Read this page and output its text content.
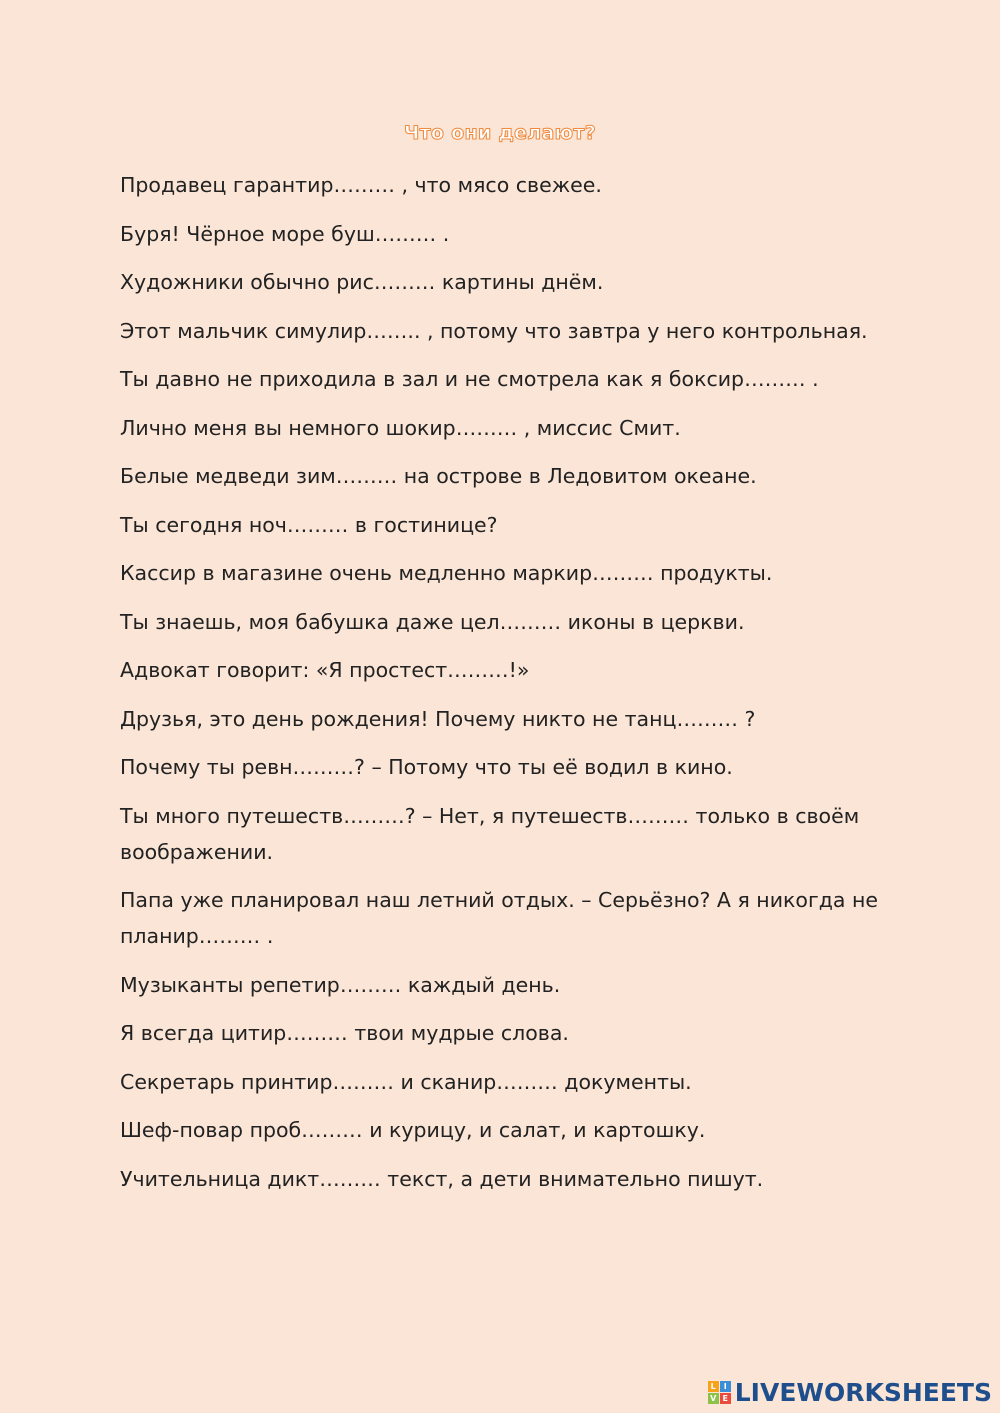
Что они делают?
Продавец гарантир……… , что мясо свежее.
Буря! Чёрное море буш……… .
Художники обычно рис……… картины днём.
Этот мальчик симулир…….. , потому что завтра у него контрольная.
Ты давно не приходила в зал и не смотрела как я боксир……… .
Лично меня вы немного шокир……… , миссис Смит.
Белые медведи зим……… на острове в Ледовитом океане.
Ты сегодня ноч……… в гостинице?
Кассир в магазине очень медленно маркир……… продукты.
Ты знаешь, моя бабушка даже цел……… иконы в церкви.
Адвокат говорит: «Я простест………!»
Друзья, это день рождения! Почему никто не танц……… ?
Почему ты ревн………? – Потому что ты её водил в кино.
Ты много путешеств………? – Нет, я путешеств……… только в своём воображении.
Папа уже планировал наш летний отдых. – Серьёзно? А я никогда не планир……… .
Музыканты репетир……… каждый день.
Я всегда цитир……… твои мудрые слова.
Секретарь принтир……… и сканир……… документы.
Шеф-повар проб……… и курицу, и салат, и картошку.
Учительница дикт……… текст, а дети внимательно пишут.
L I
V E LIVEWORKSHEETS
